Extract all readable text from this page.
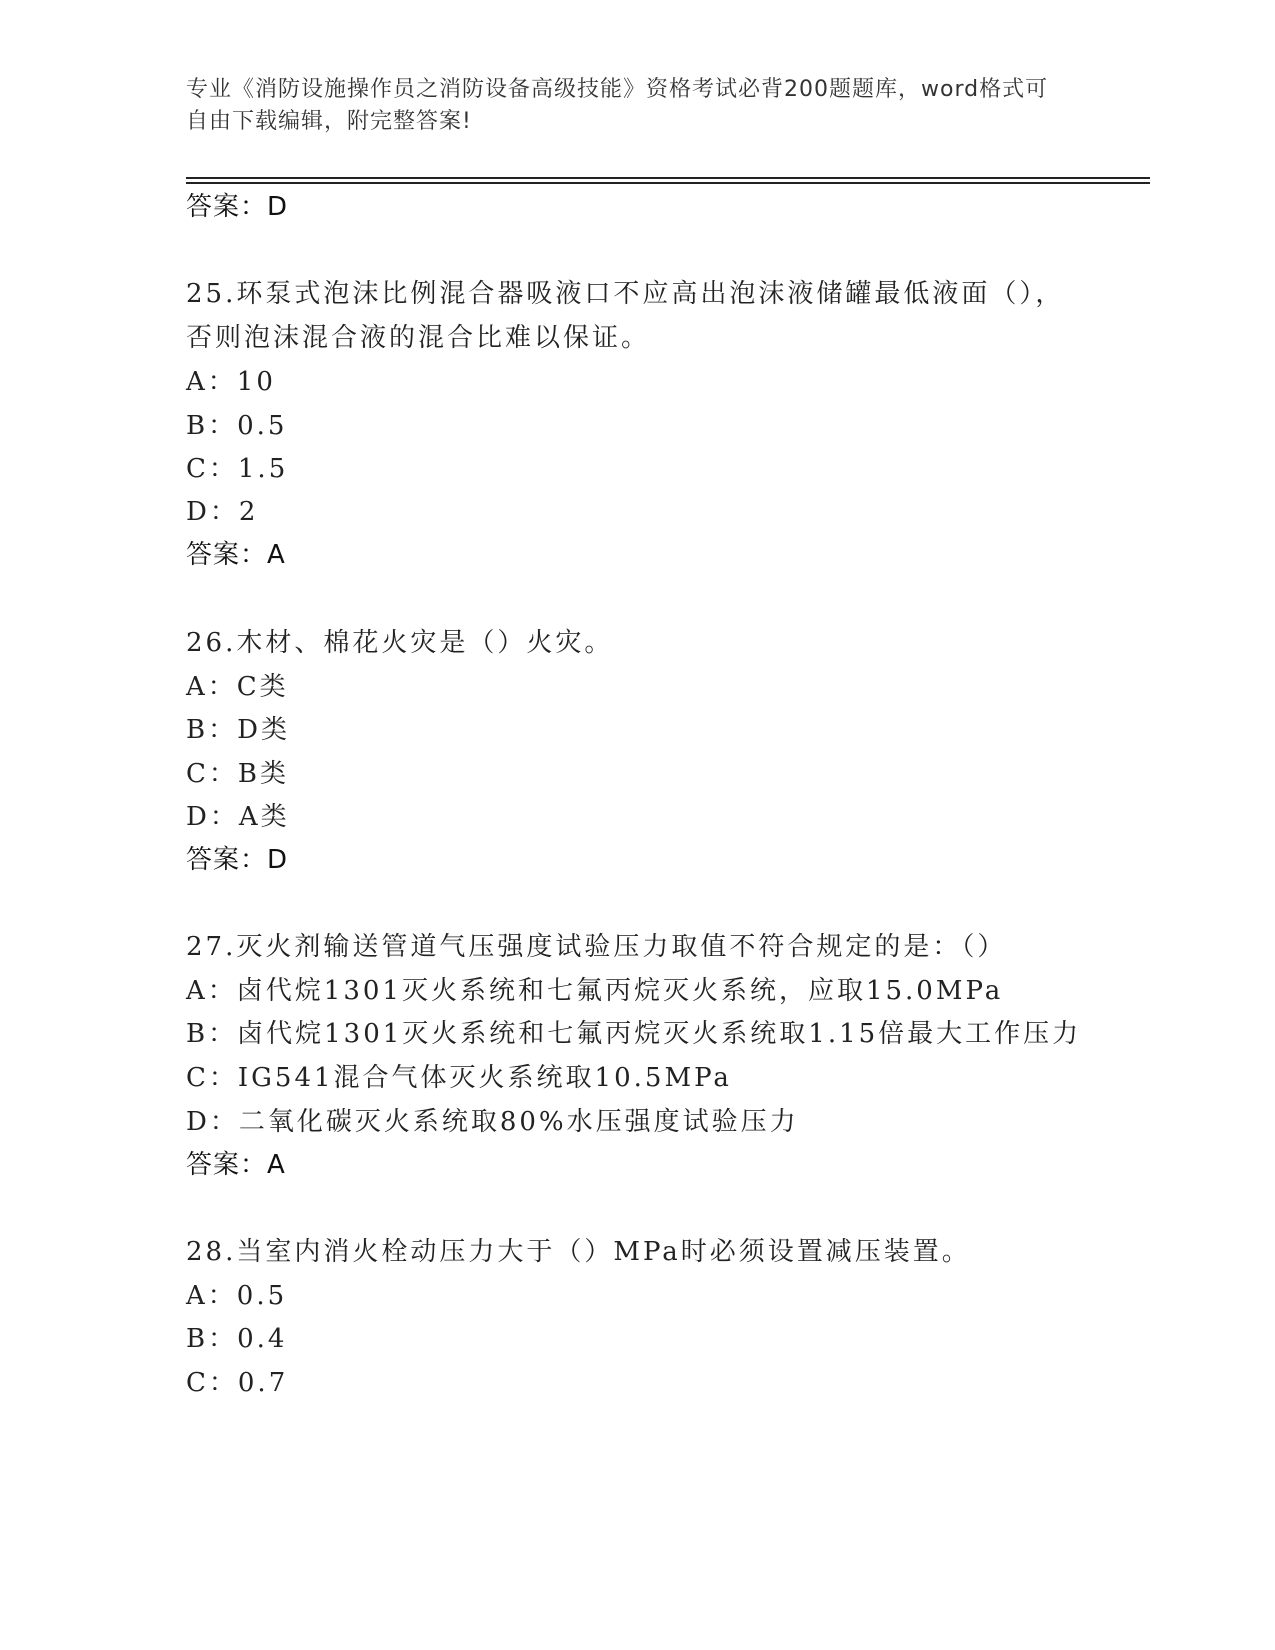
专业《消防设施操作员之消防设备高级技能》资格考试必背200题题库，word格式可自由下载编辑，附完整答案!
答案：D
25.环泵式泡沫比例混合器吸液口不应高出泡沫液储罐最低液面（），
否则泡沫混合液的混合比难以保证。
A：10
B：0.5
C：1.5
D：2
答案：A
26.木材、棉花火灾是（）火灾。
A：C类
B：D类
C：B类
D：A类
答案：D
27.灭火剂输送管道气压强度试验压力取值不符合规定的是：（）
A：卤代烷1301灭火系统和七氟丙烷灭火系统，应取15.0MPa
B：卤代烷1301灭火系统和七氟丙烷灭火系统取1.15倍最大工作压力
C：IG541混合气体灭火系统取10.5MPa
D：二氧化碳灭火系统取80%水压强度试验压力
答案：A
28.当室内消火栓动压力大于（）MPa时必须设置减压装置。
A：0.5
B：0.4
C：0.7
